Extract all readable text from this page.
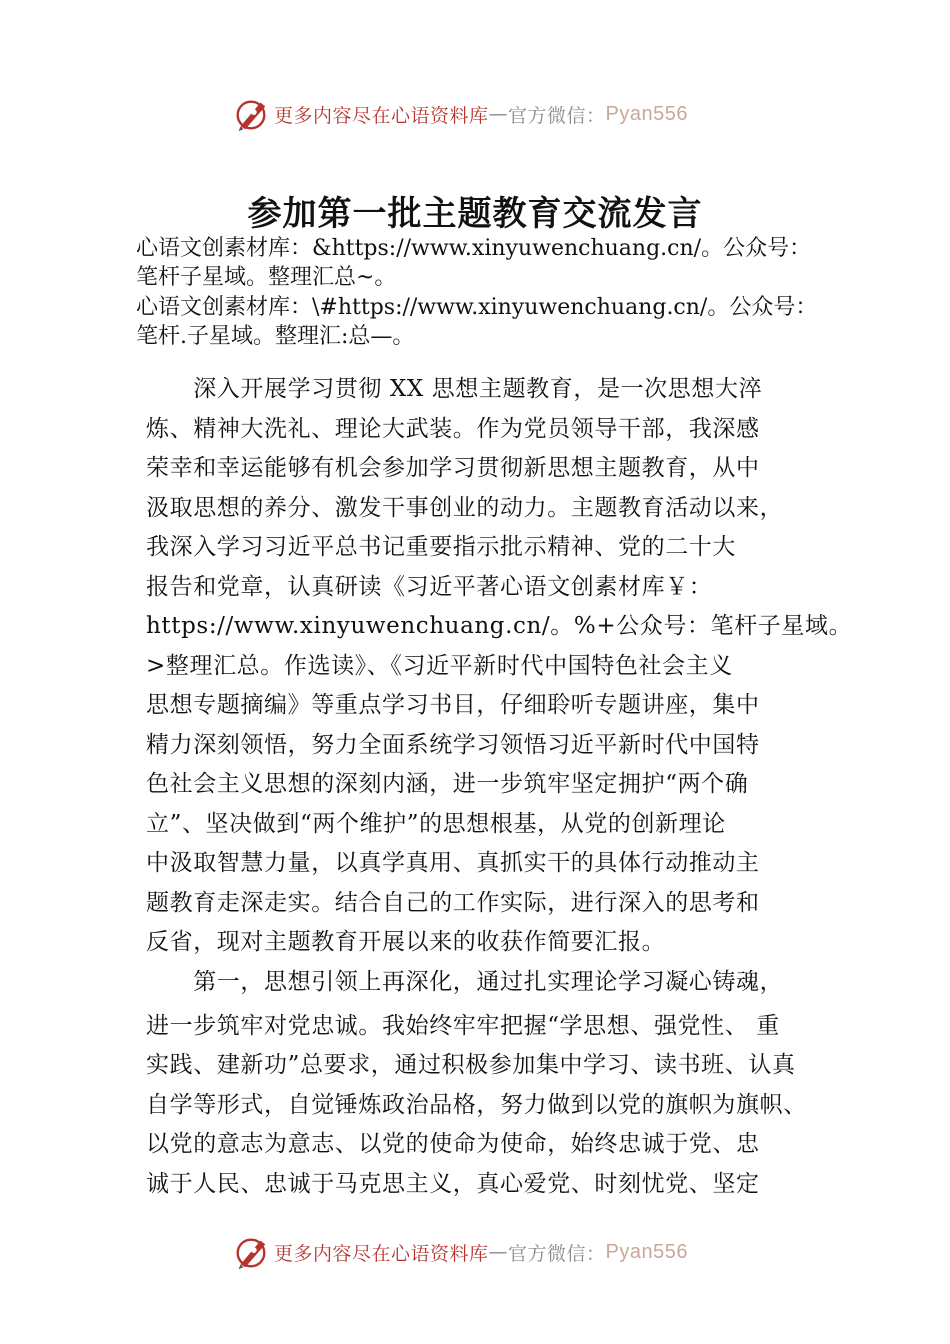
更多内容尽在心语资料库 — 官方微信： Pyan556
参加第一批主题教育交流发言

心语文创素材库：&https://www.xinyuwenchuang.cn/。公众号：笔杆子星域。整理汇总~。

心语文创素材库：\#https://www.xinyuwenchuang.cn/。公众号：笔杆.子星域。整理汇:总—。

　　深入开展学习贯彻 XX 思想主题教育，是一次思想大淬

炼、精神大洗礼、理论大武装。作为党员领导干部，我深感

荣幸和幸运能够有机会参加学习贯彻新思想主题教育，从中

汲取思想的养分、激发干事创业的动力。主题教育活动以来，

我深入学习习近平总书记重要指示批示精神、党的二十大

报告和党章，认真研读《习近平著心语文创素材库￥：

https://www.xinyuwenchuang.cn/。%+公众号：笔杆子星域。

>整理汇总。作选读》、《习近平新时代中国特色社会主义

思想专题摘编》等重点学习书目，仔细聆听专题讲座，集中

精力深刻领悟，努力全面系统学习领悟习近平新时代中国特

色社会主义思想的深刻内涵，进一步筑牢坚定拥护“两个确

立”、坚决做到“两个维护”的思想根基，从党的创新理论

中汲取智慧力量，以真学真用、真抓实干的具体行动推动主

题教育走深走实。结合自己的工作实际，进行深入的思考和

反省，现对主题教育开展以来的收获作简要汇报。

　　第一，思想引领上再深化，通过扎实理论学习凝心铸魂，

进一步筑牢对党忠诚。我始终牢牢把握“学思想、强党性、 重

实践、建新功”总要求，通过积极参加集中学习、读书班、认真

自学等形式，自觉锤炼政治品格，努力做到以党的旗帜为旗帜、

以党的意志为意志、以党的使命为使命，始终忠诚于党、忠

诚于人民、忠诚于马克思主义，真心爱党、时刻忧党、坚定

更多内容尽在心语资料库 — 官方微信： Pyan556
